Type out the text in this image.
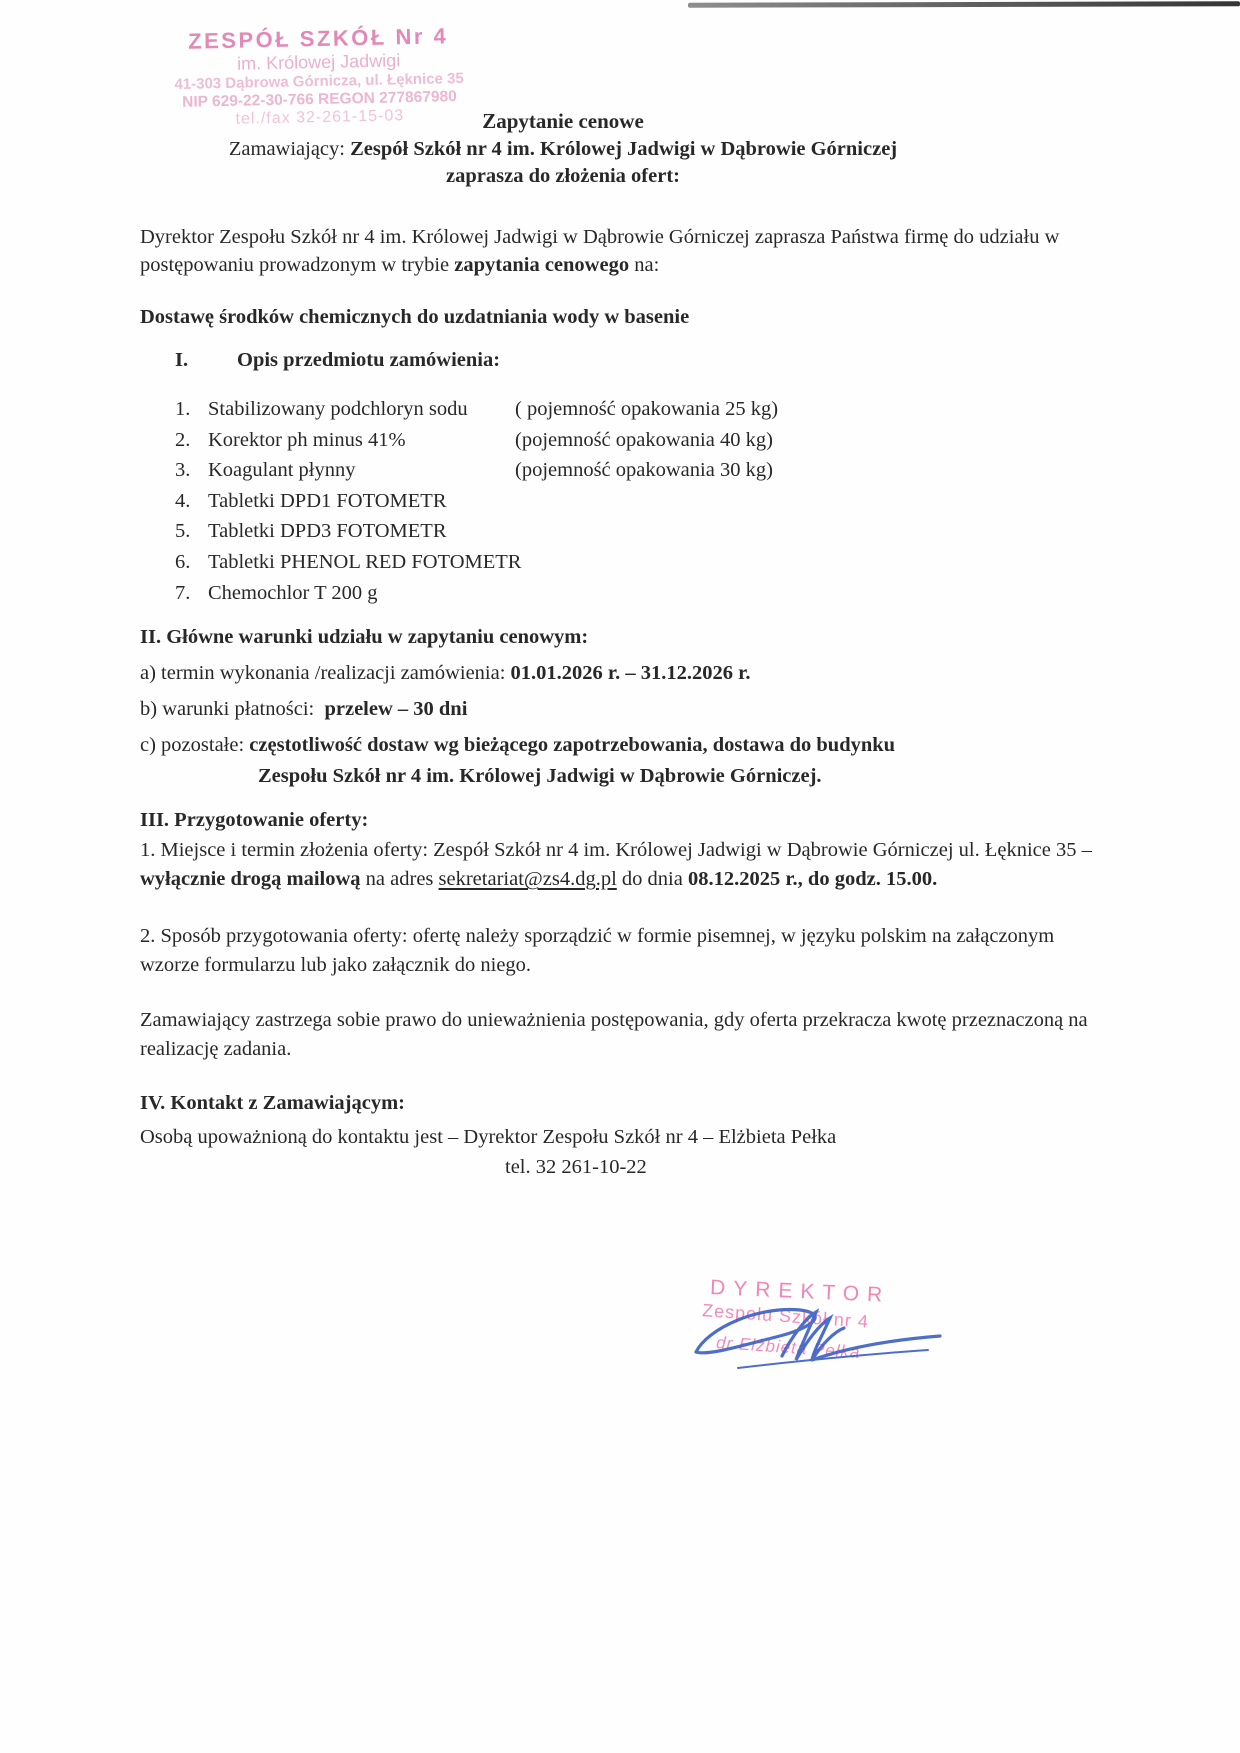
ZESPÓŁ SZKÓŁ Nr 4
im. Królowej Jadwigi
41-303 Dąbrowa Górnicza, ul. Łęknice 35
NIP 629-22-30-766 REGON 277867980
tel./fax 32-261-15-03	Zapytanie cenowe
Zamawiający: Zespół Szkół nr 4 im. Królowej Jadwigi w Dąbrowie Górniczej
zaprasza do złożenia ofert:
Dyrektor Zespołu Szkół nr 4 im. Królowej Jadwigi w Dąbrowie Górniczej zaprasza Państwa firmę do udziału w postępowaniu prowadzonym w trybie zapytania cenowego na:
Dostawę środków chemicznych do uzdatniania wody w basenie
I.	Opis przedmiotu zamówienia:
1. Stabilizowany podchloryn sodu ( pojemność opakowania 25 kg)
2. Korektor ph minus 41%	(pojemność opakowania 40 kg)
3. Koagulant płynny	(pojemność opakowania 30 kg)
4. Tabletki DPD1 FOTOMETR
5. Tabletki DPD3 FOTOMETR
6. Tabletki PHENOL RED FOTOMETR
7. Chemochlor T 200 g
II. Główne warunki udziału w zapytaniu cenowym:
a) termin wykonania /realizacji zamówienia: 01.01.2026 r. – 31.12.2026 r.
b) warunki płatności: przelew – 30 dni
c) pozostałe: częstotliwość dostaw wg bieżącego zapotrzebowania, dostawa do budynku
Zespołu Szkół nr 4 im. Królowej Jadwigi w Dąbrowie Górniczej.
III. Przygotowanie oferty:
1. Miejsce i termin złożenia oferty: Zespół Szkół nr 4 im. Królowej Jadwigi w Dąbrowie Górniczej ul. Łęknice 35 – wyłącznie drogą mailową na adres sekretariat@zs4.dg.pl do dnia 08.12.2025 r., do godz. 15.00.
2. Sposób przygotowania oferty: ofertę należy sporządzić w formie pisemnej, w języku polskim na załączonym wzorze formularzu lub jako załącznik do niego.
Zamawiający zastrzega sobie prawo do unieważnienia postępowania, gdy oferta przekracza kwotę przeznaczoną na realizację zadania.
IV. Kontakt z Zamawiającym:
Osobą upoważnioną do kontaktu jest – Dyrektor Zespołu Szkół nr 4 – Elżbieta Pełka
tel. 32 261-10-22
DYREKTOR
Zespołu Szkół nr 4
dr Elżbieta Pełka
